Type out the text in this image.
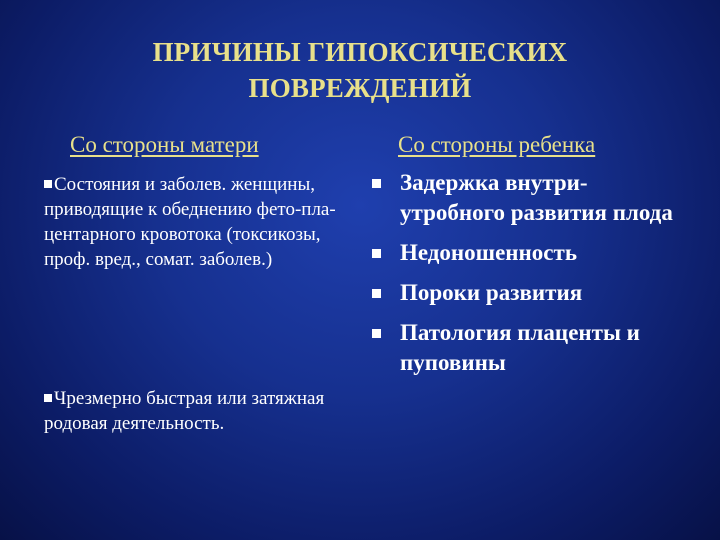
ПРИЧИНЫ ГИПОКСИЧЕСКИХ
ПОВРЕЖДЕНИЙ
Со стороны матери	Со стороны ребенка
Состояния и заболев. женщины, приводящие к обеднению фето-пла-центарного кровотока (токсикозы, проф. вред., сомат. заболев.)
Чрезмерно быстрая или затяжная родовая деятельность.
Задержка внутри-утробного развития плода
Недоношенность
Пороки развития
Патология плаценты и пуповины
